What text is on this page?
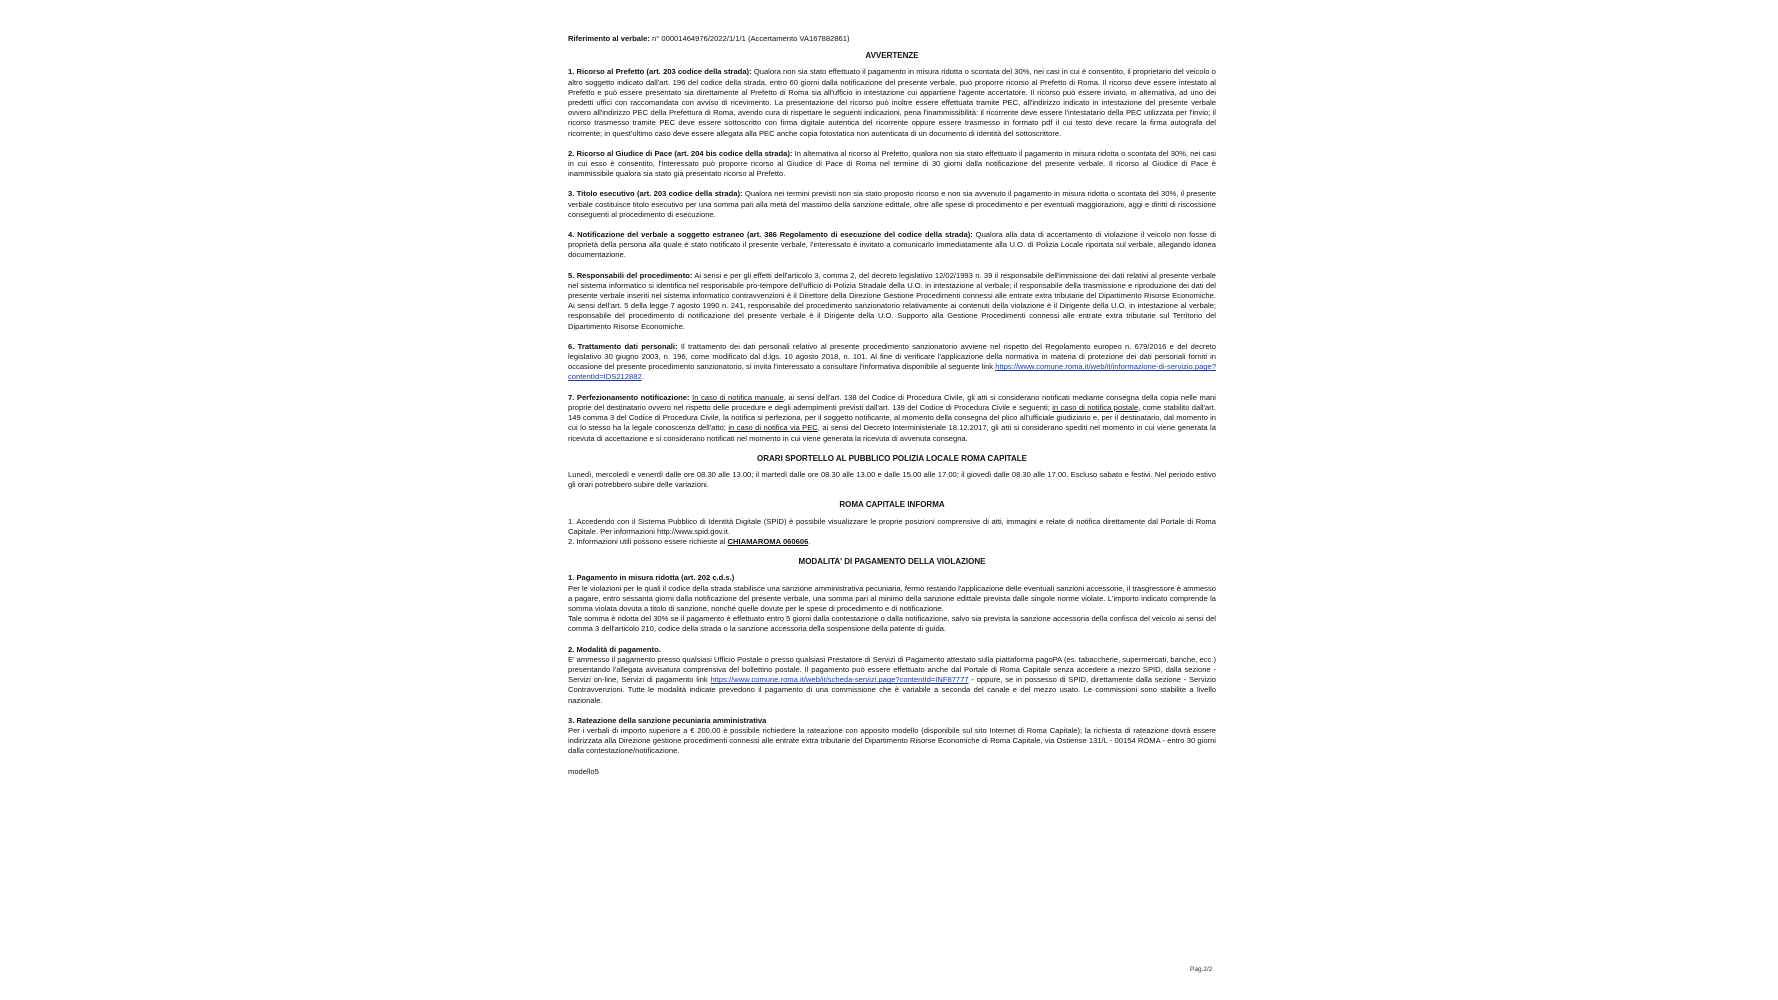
Riferimento al verbale: n° 00001464976/2022/1/1/1 (Accertamento VA167882861)
AVVERTENZE
1. Ricorso al Prefetto (art. 203 codice della strada): Qualora non sia stato effettuato il pagamento in misura ridotta o scontata del 30%, nei casi in cui è consentito, il proprietario del veicolo o altro soggetto indicato dall'art. 196 del codice della strada, entro 60 giorni dalla notificazione del presente verbale, può proporre ricorso al Prefetto di Roma. Il ricorso deve essere intestato al Prefetto e può essere presentato sia direttamente al Prefetto di Roma sia all'ufficio in intestazione cui appartiene l'agente accertatore. Il ricorso può essere inviato, in alternativa, ad uno dei predetti uffici con raccomandata con avviso di ricevimento. La presentazione del ricorso può inoltre essere effettuata tramite PEC, all'indirizzo indicato in intestazione del presente verbale ovvero all'indirizzo PEC della Prefettura di Roma, avendo cura di rispettare le seguenti indicazioni, pena l'inammissibilità: il ricorrente deve essere l'intestatario della PEC utilizzata per l'invio; il ricorso trasmesso tramite PEC deve essere sottoscritto con firma digitale autentica del ricorrente oppure essere trasmesso in formato pdf il cui testo deve recare la firma autografa del ricorrente; in quest'ultimo caso deve essere allegata alla PEC anche copia fotostatica non autenticata di un documento di identità del sottoscrittore.
2. Ricorso al Giudice di Pace (art. 204 bis codice della strada): In alternativa al ricorso al Prefetto, qualora non sia stato effettuato il pagamento in misura ridotta o scontata del 30%, nei casi in cui esso è consentito, l'interessato può proporre ricorso al Giudice di Pace di Roma nel termine di 30 giorni dalla notificazione del presente verbale. Il ricorso al Giudice di Pace è inammissibile qualora sia stato già presentato ricorso al Prefetto.
3. Titolo esecutivo (art. 203 codice della strada): Qualora nei termini previsti non sia stato proposto ricorso e non sia avvenuto il pagamento in misura ridotta o scontata del 30%, il presente verbale costituisce titolo esecutivo per una somma pari alla metà del massimo della sanzione edittale, oltre alle spese di procedimento e per eventuali maggiorazioni, aggi e diritti di riscossione conseguenti al procedimento di esecuzione.
4. Notificazione del verbale a soggetto estraneo (art. 386 Regolamento di esecuzione del codice della strada): Qualora alla data di accertamento di violazione il veicolo non fosse di proprietà della persona alla quale è stato notificato il presente verbale, l'interessato è invitato a comunicarlo immediatamente alla U.O. di Polizia Locale riportata sul verbale, allegando idonea documentazione.
5. Responsabili del procedimento: Ai sensi e per gli effetti dell'articolo 3, comma 2, del decreto legislativo 12/02/1993 n. 39 il responsabile dell'immissione dei dati relativi al presente verbale nel sistema informatico si identifica nel responsabile pro-tempore dell'ufficio di Polizia Stradale della U.O. in intestazione al verbale; il responsabile della trasmissione e riproduzione dei dati del presente verbale inseriti nel sistema informatico contravvenzioni è il Direttore della Direzione Gestione Procedimenti connessi alle entrate extra tributarie del Dipartimento Risorse Economiche. Ai sensi dell'art. 5 della legge 7 agosto 1990 n. 241, responsabile del procedimento sanzionatorio relativamente ai contenuti della violazione è il Dirigente della U.O. in intestazione al verbale; responsabile del procedimento di notificazione del presente verbale è il Dirigente della U.O. Supporto alla Gestione Procedimenti connessi alle entrate extra tributarie sul Territorio del Dipartimento Risorse Economiche.
6. Trattamento dati personali: Il trattamento dei dati personali relativo al presente procedimento sanzionatorio avviene nel rispetto del Regolamento europeo n. 679/2016 e del decreto legislativo 30 giugno 2003, n. 196, come modificato dal d.lgs. 10 agosto 2018, n. 101. Al fine di verificare l'applicazione della normativa in materia di protezione dei dati personali forniti in occasione del presente procedimento sanzionatorio, si invita l'interessato a consultare l'informativa disponibile al seguente link https://www.comune.roma.it/web/it/informazione-di-servizio.page?contentId=IDS212882.
7. Perfezionamento notificazione: In caso di notifica manuale, ai sensi dell'art. 138 del Codice di Procedura Civile, gli atti si considerano notificati mediante consegna della copia nelle mani proprie del destinatario ovvero nel rispetto delle procedure e degli adempimenti previsti dall'art. 139 del Codice di Procedura Civile e seguenti; in caso di notifica postale, come stabilito dall'art. 149 comma 3 del Codice di Procedura Civile, la notifica si perfeziona, per il soggetto notificante, al momento della consegna del plico all'ufficiale giudiziario e, per il destinatario, dal momento in cui lo stesso ha la legale conoscenza dell'atto; in caso di notifica via PEC, ai sensi del Decreto Interministeriale 18.12.2017, gli atti si considerano spediti nel momento in cui viene generata la ricevuta di accettazione e si considerano notificati nel momento in cui viene generata la ricevuta di avvenuta consegna.
ORARI SPORTELLO AL PUBBLICO POLIZIA LOCALE ROMA CAPITALE
Lunedì, mercoledì e venerdì dalle ore 08.30 alle 13.00; il martedì dalle ore 08.30 alle 13.00 e dalle 15.00 alle 17.00; il giovedì dalle 08.30 alle 17.00. Escluso sabato e festivi. Nel periodo estivo gli orari potrebbero subire delle variazioni.
ROMA CAPITALE INFORMA
1. Accedendo con il Sistema Pubblico di Identità Digitale (SPID) è possibile visualizzare le proprie posizioni comprensive di atti, immagini e relate di notifica direttamente dal Portale di Roma Capitale. Per informazioni http://www.spid.gov.it.
2. Informazioni utili possono essere richieste al CHIAMAROMA 060606.
MODALITA' DI PAGAMENTO DELLA VIOLAZIONE
1. Pagamento in misura ridotta (art. 202 c.d.s.)
Per le violazioni per le quali il codice della strada stabilisce una sanzione amministrativa pecuniaria, fermo restando l'applicazione delle eventuali sanzioni accessorie, il trasgressore è ammesso a pagare, entro sessanta giorni dalla notificazione del presente verbale, una somma pari al minimo della sanzione edittale prevista dalle singole norme violate. L'importo indicato comprende la somma violata dovuta a titolo di sanzione, nonché quelle dovute per le spese di procedimento e di notificazione.
Tale somma è ridotta del 30% se il pagamento è effettuato entro 5 giorni dalla contestazione o dalla notificazione, salvo sia prevista la sanzione accessoria della confisca del veicolo ai sensi del comma 3 dell'articolo 210, codice della strada o la sanzione accessoria della sospensione della patente di guida.
2. Modalità di pagamento.
E' ammesso il pagamento presso qualsiasi Ufficio Postale o presso qualsiasi Prestatore di Servizi di Pagamento attestato sulla piattaforma pagoPA (es. tabaccherie, supermercati, banche, ecc.) presentando l'allegata avvisatura comprensiva del bollettino postale. Il pagamento può essere effettuato anche dal Portale di Roma Capitale senza accedere a mezzo SPID, dalla sezione - Servizi on-line, Servizi di pagamento link https://www.comune.roma.it/web/it/scheda-servizi.page?contentId=INF87777 - oppure, se in possesso di SPID, direttamente dalla sezione - Servizio Contravvenzioni. Tutte le modalità indicate prevedono il pagamento di una commissione che è variabile a seconda del canale e del mezzo usato. Le commissioni sono stabilite a livello nazionale.
3. Rateazione della sanzione pecuniaria amministrativa
Per i verbali di importo superiore a € 200,00 è possibile richiedere la rateazione con apposito modello (disponibile sul sito Internet di Roma Capitale); la richiesta di rateazione dovrà essere indirizzata alla Direzione gestione procedimenti connessi alle entrate extra tributarie del Dipartimento Risorse Economiche di Roma Capitale, via Ostiense 131/L - 00154 ROMA - entro 30 giorni dalla contestazione/notificazione.
modello5
Pag.2/2
